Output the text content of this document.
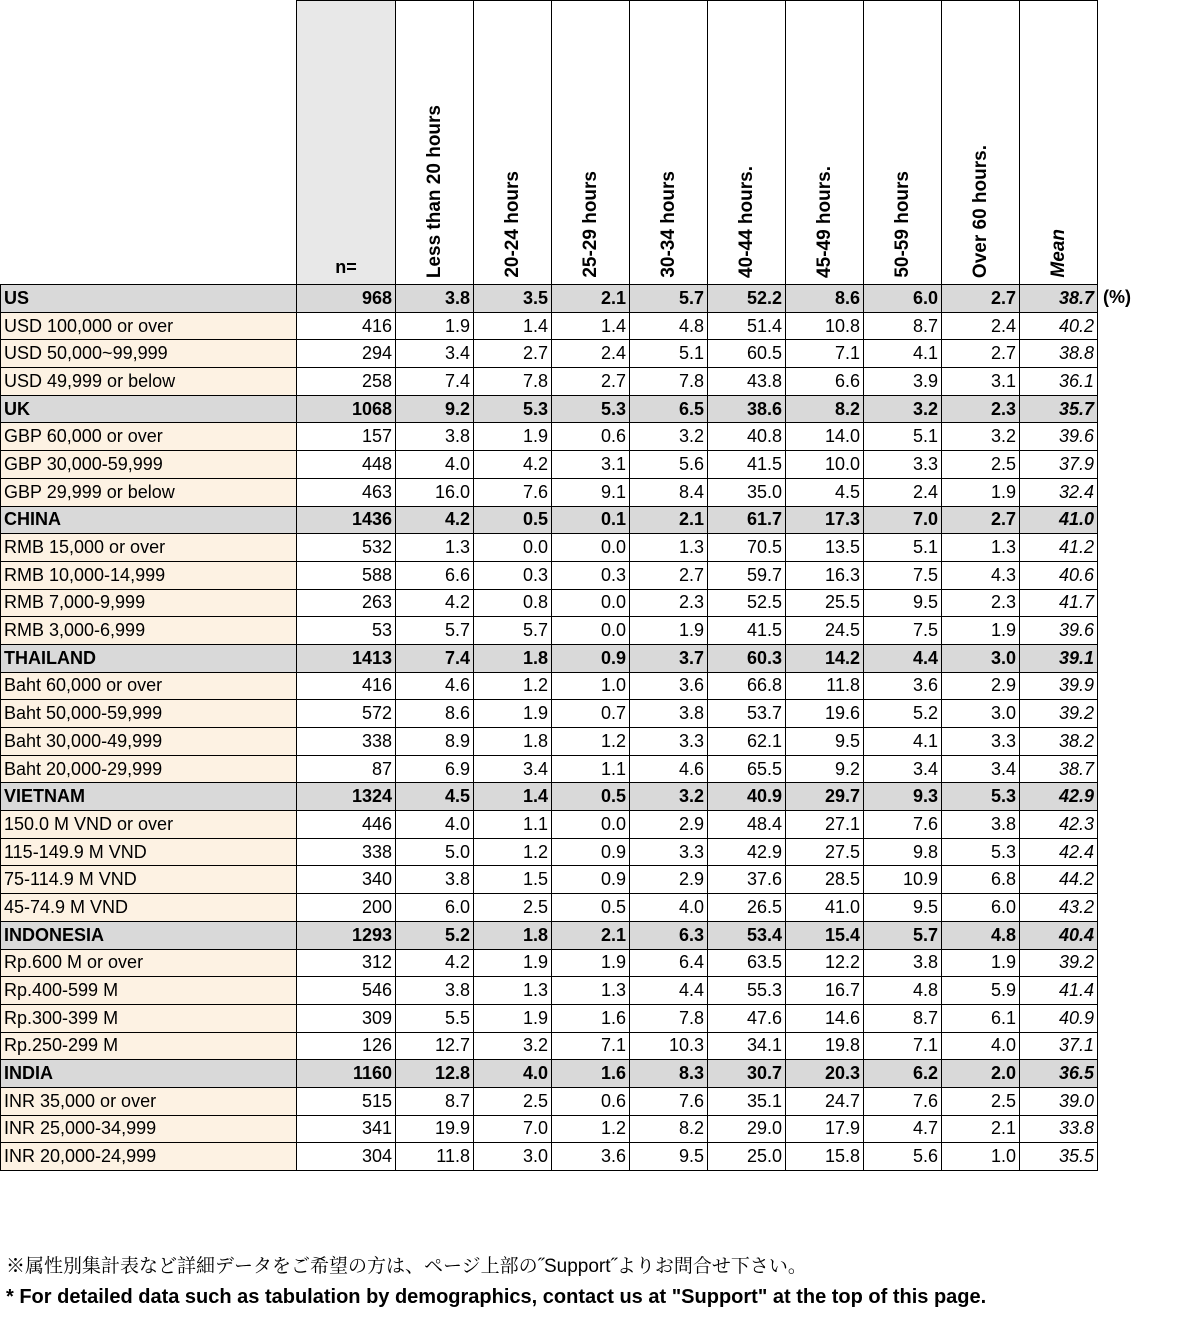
	n=	Less than 20 hours	20-24 hours	25-29 hours	30-34 hours	40-44 hours.	45-49 hours.	50-59 hours	Over 60 hours.	Mean

US	968	3.8	3.5	2.1	5.7	52.2	8.6	6.0	2.7	38.7
USD 100,000 or over	416	1.9	1.4	1.4	4.8	51.4	10.8	8.7	2.4	40.2
USD 50,000~99,999	294	3.4	2.7	2.4	5.1	60.5	7.1	4.1	2.7	38.8
USD 49,999 or below	258	7.4	7.8	2.7	7.8	43.8	6.6	3.9	3.1	36.1
UK	1068	9.2	5.3	5.3	6.5	38.6	8.2	3.2	2.3	35.7
GBP 60,000 or over	157	3.8	1.9	0.6	3.2	40.8	14.0	5.1	3.2	39.6
GBP 30,000-59,999	448	4.0	4.2	3.1	5.6	41.5	10.0	3.3	2.5	37.9
GBP 29,999 or below	463	16.0	7.6	9.1	8.4	35.0	4.5	2.4	1.9	32.4
CHINA	1436	4.2	0.5	0.1	2.1	61.7	17.3	7.0	2.7	41.0
RMB 15,000 or over	532	1.3	0.0	0.0	1.3	70.5	13.5	5.1	1.3	41.2
RMB 10,000-14,999	588	6.6	0.3	0.3	2.7	59.7	16.3	7.5	4.3	40.6
RMB 7,000-9,999	263	4.2	0.8	0.0	2.3	52.5	25.5	9.5	2.3	41.7
RMB 3,000-6,999	53	5.7	5.7	0.0	1.9	41.5	24.5	7.5	1.9	39.6
THAILAND	1413	7.4	1.8	0.9	3.7	60.3	14.2	4.4	3.0	39.1
Baht 60,000 or over	416	4.6	1.2	1.0	3.6	66.8	11.8	3.6	2.9	39.9
Baht 50,000-59,999	572	8.6	1.9	0.7	3.8	53.7	19.6	5.2	3.0	39.2
Baht 30,000-49,999	338	8.9	1.8	1.2	3.3	62.1	9.5	4.1	3.3	38.2
Baht 20,000-29,999	87	6.9	3.4	1.1	4.6	65.5	9.2	3.4	3.4	38.7
VIETNAM	1324	4.5	1.4	0.5	3.2	40.9	29.7	9.3	5.3	42.9
150.0 M VND or over	446	4.0	1.1	0.0	2.9	48.4	27.1	7.6	3.8	42.3
115-149.9 M VND	338	5.0	1.2	0.9	3.3	42.9	27.5	9.8	5.3	42.4
75-114.9 M VND	340	3.8	1.5	0.9	2.9	37.6	28.5	10.9	6.8	44.2
45-74.9 M VND	200	6.0	2.5	0.5	4.0	26.5	41.0	9.5	6.0	43.2
INDONESIA	1293	5.2	1.8	2.1	6.3	53.4	15.4	5.7	4.8	40.4
Rp.600 M or over	312	4.2	1.9	1.9	6.4	63.5	12.2	3.8	1.9	39.2
Rp.400-599 M	546	3.8	1.3	1.3	4.4	55.3	16.7	4.8	5.9	41.4
Rp.300-399 M	309	5.5	1.9	1.6	7.8	47.6	14.6	8.7	6.1	40.9
Rp.250-299 M	126	12.7	3.2	7.1	10.3	34.1	19.8	7.1	4.0	37.1
INDIA	1160	12.8	4.0	1.6	8.3	30.7	20.3	6.2	2.0	36.5
INR 35,000 or over	515	8.7	2.5	0.6	7.6	35.1	24.7	7.6	2.5	39.0
INR 25,000-34,999	341	19.9	7.0	1.2	8.2	29.0	17.9	4.7	2.1	33.8
INR 20,000-24,999	304	11.8	3.0	3.6	9.5	25.0	15.8	5.6	1.0	35.5
(%)
※属性別集計表など詳細データをご希望の方は、ページ上部の˝Support˝よりお問合せ下さい。
* For detailed data such as tabulation by demographics, contact us at "Support" at the top of this page.
